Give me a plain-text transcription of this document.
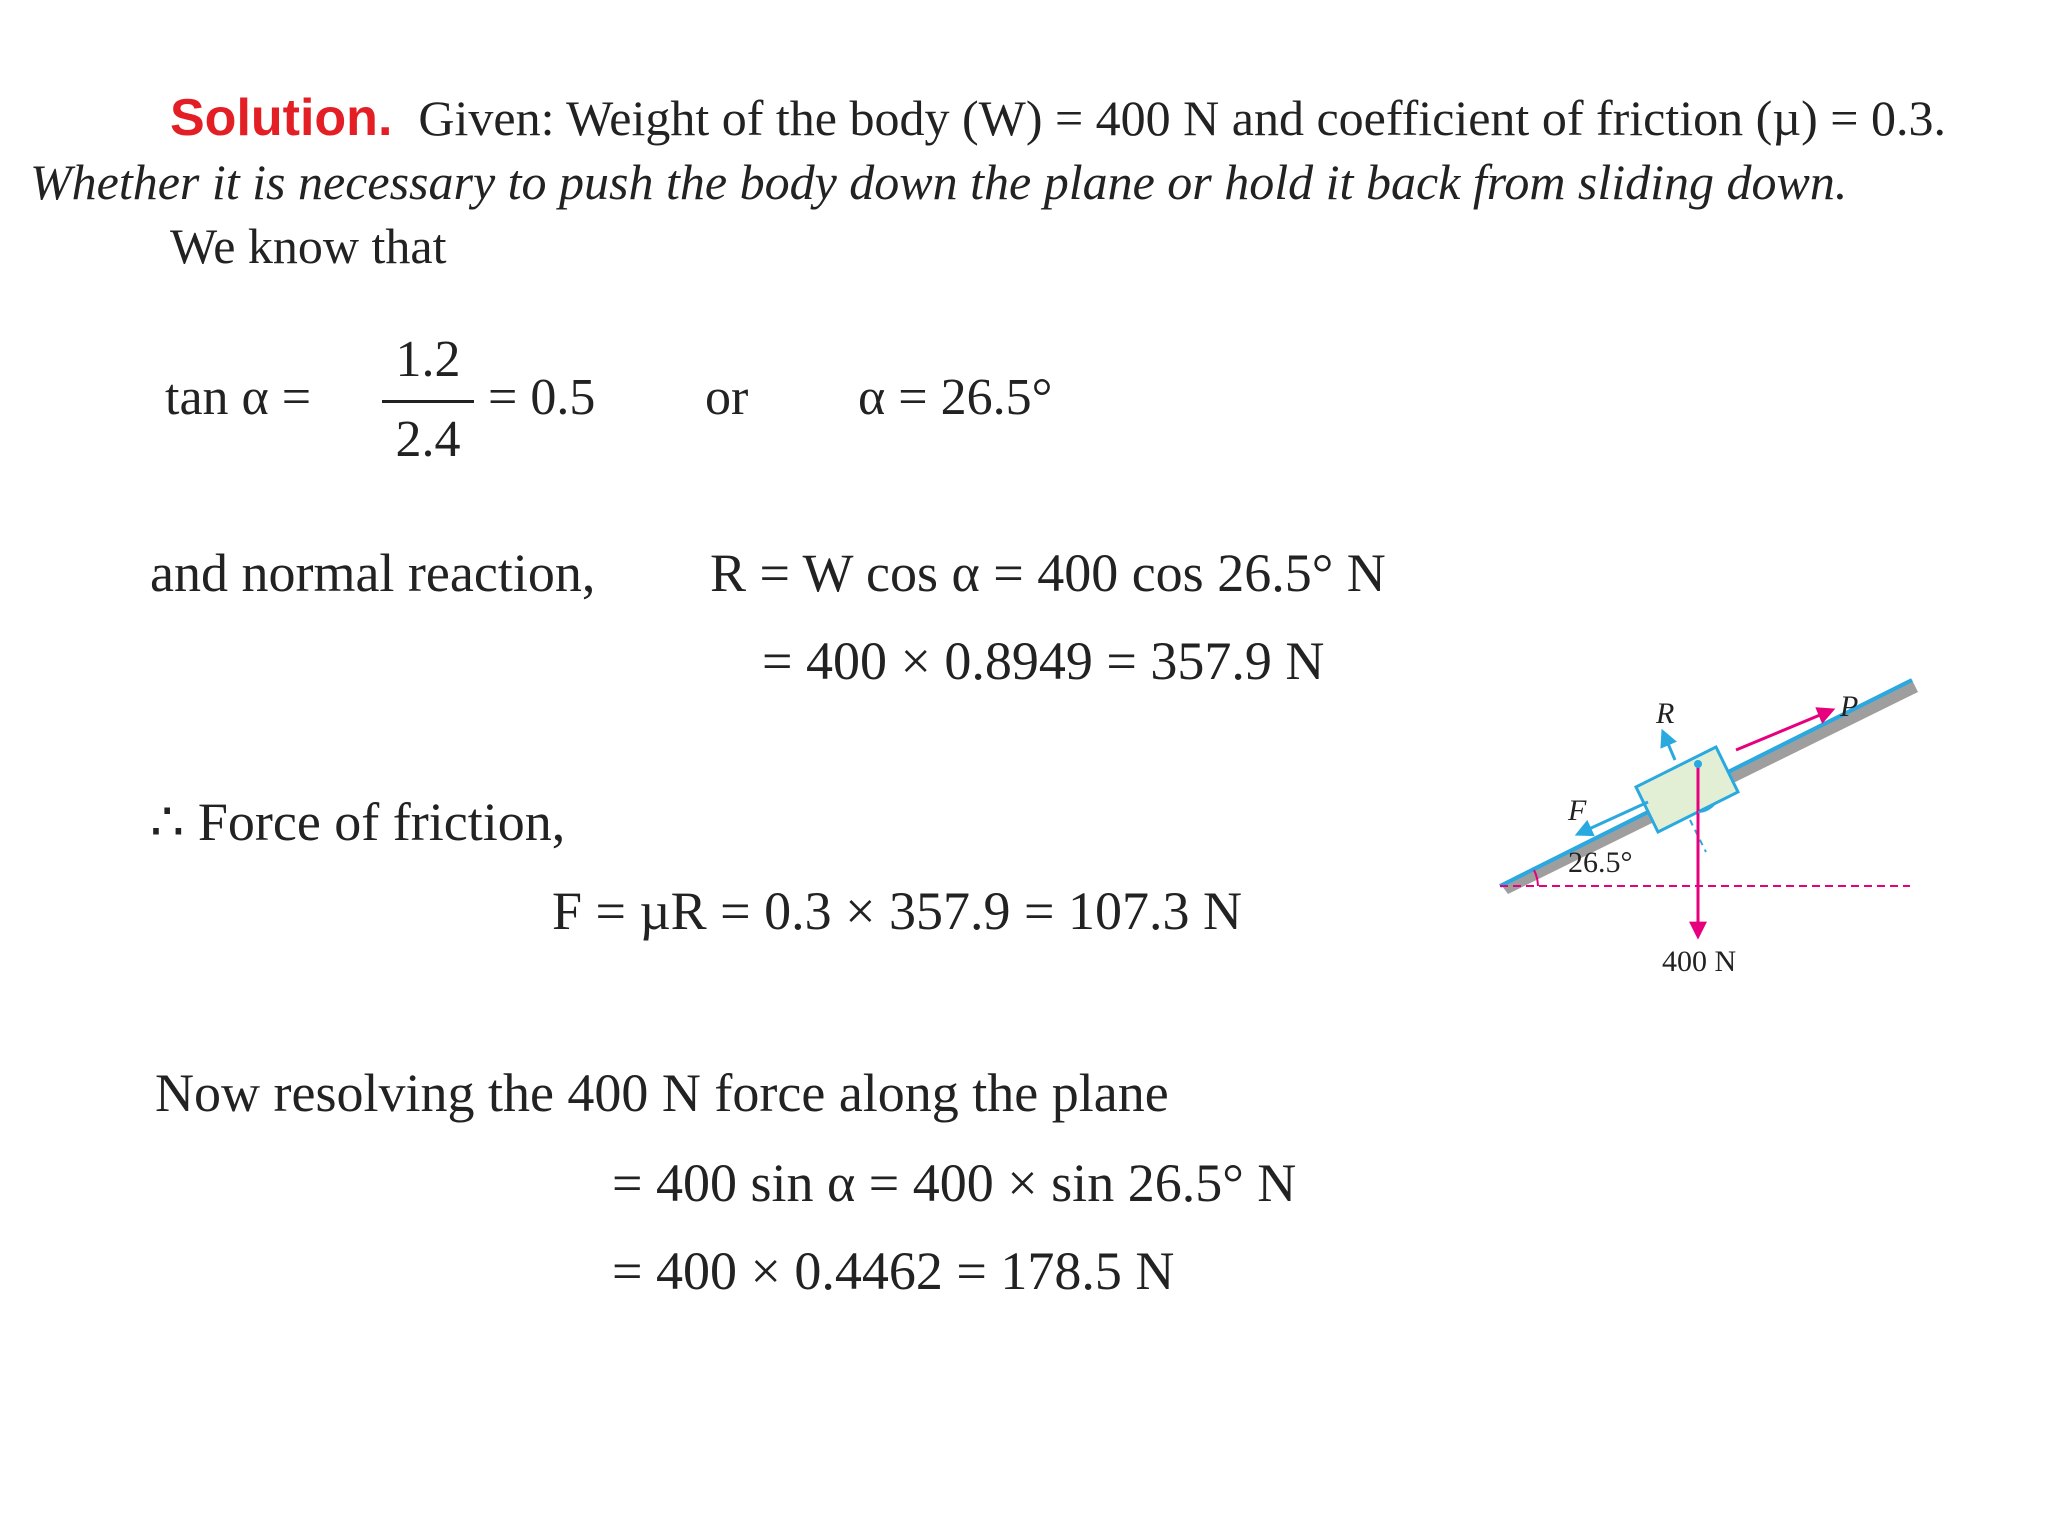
Solution. Given: Weight of the body (W) = 400 N and coefficient of friction (µ) = 0.3.
Whether it is necessary to push the body down the plane or hold it back from sliding down.
We know that
tan α =
1.2
2.4
= 0.5 or α = 26.5°
and normal reaction, R = W cos α = 400 cos 26.5° N
= 400 × 0.8949 = 357.9 N
∴ Force of friction,
F = µR = 0.3 × 357.9 = 107.3 N
Now resolving the 400 N force along the plane
= 400 sin α = 400 × sin 26.5° N
= 400 × 0.4462 = 178.5 N
R	P
F
26.5°
400 N
